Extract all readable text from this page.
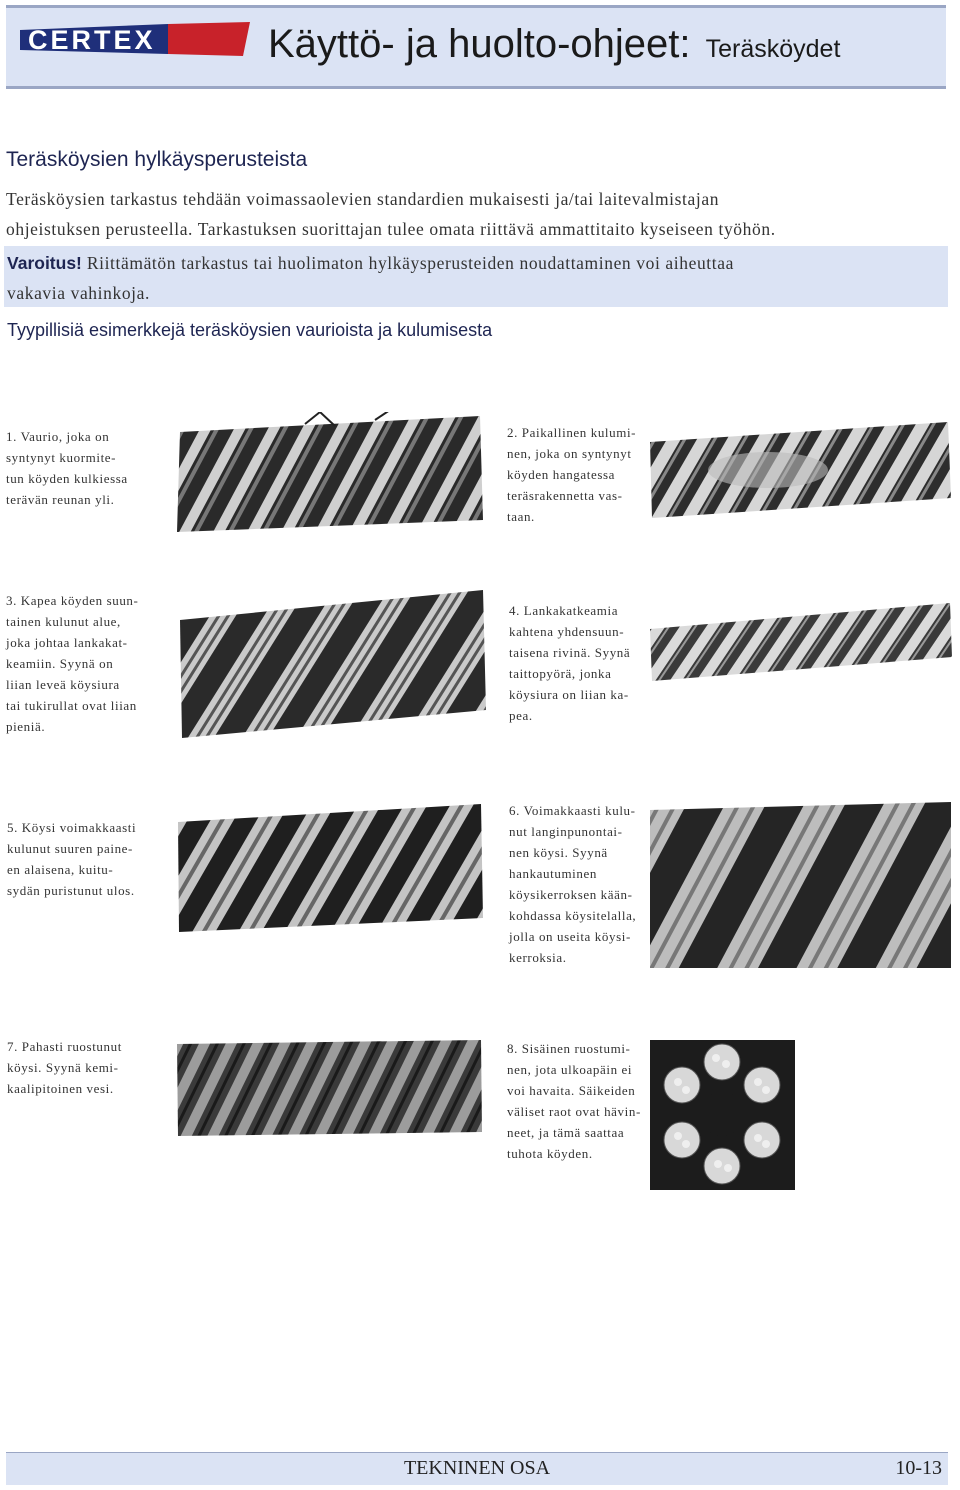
CERTEX	Käyttö- ja huolto-ohjeet: Teräsköydet
Teräsköysien hylkäysperusteista
Teräsköysien tarkastus tehdään voimassaolevien standardien mukaisesti ja/tai laitevalmistajan
ohjeistuksen perusteella. Tarkastuksen suorittajan tulee omata riittävä ammattitaito kyseiseen työhön.
Varoitus! Riittämätön tarkastus tai huolimaton hylkäysperusteiden noudattaminen voi aiheuttaa
vakavia vahinkoja.
Tyypillisiä esimerkkejä teräsköysien vaurioista ja kulumisesta
1. Vaurio, joka on
syntynyt kuormite-
tun köyden kulkiessa
terävän reunan yli.
2. Paikallinen kulumi-
nen, joka on syntynyt
köyden hangatessa
teräsrakennetta vas-
taan.
3. Kapea köyden suun-
tainen kulunut alue,
joka johtaa lankakat-
keamiin. Syynä on
liian leveä köysiura
tai tukirullat ovat liian
pieniä.
4. Lankakatkeamia
kahtena yhdensuun-
taisena rivinä. Syynä
taittopyörä, jonka
köysiura on liian ka-
pea.
5. Köysi voimakkaasti
kulunut suuren paine-
en alaisena, kuitu-
sydän puristunut ulos.
6. Voimakkaasti kulu-
nut langinpunontai-
nen köysi. Syynä
hankautuminen
köysikerroksen kään-
kohdassa köysitelalla,
jolla on useita köysi-
kerroksia.
7. Pahasti ruostunut
köysi. Syynä kemi-
kaalipitoinen vesi.
8. Sisäinen ruostumi-
nen, jota ulkoapäin ei
voi havaita. Säikeiden
väliset raot ovat hävin-
neet, ja tämä saattaa
tuhota köyden.
TEKNINEN OSA	10-13
